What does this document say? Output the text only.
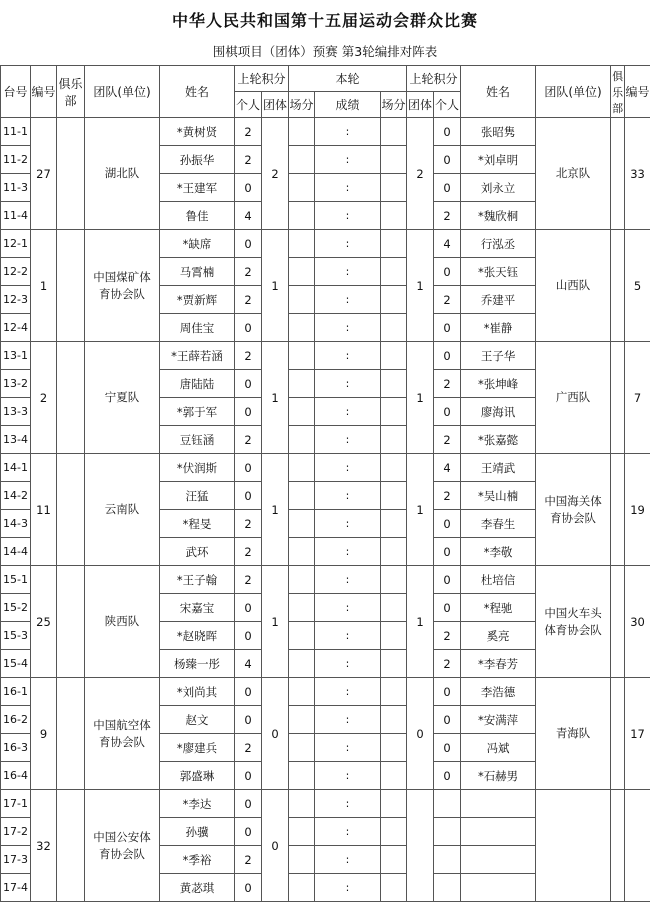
中华人民共和国第十五届运动会群众比赛
围棋项目（团体）预赛 第3轮编排对阵表
台号	编号	俱乐部	团队(单位)	姓名	上轮积分		本轮			上轮积分		姓名	团队(单位)	俱乐部	编号
					个人	团体	场分	成绩	场分	团体	个人				
11-1	27		湖北队	*黄树贤	2	2		:		2	0	张昭隽	北京队		33
11-2				孙振华	2			:			0	*刘卓明			
11-3				*王建军	0			:			0	刘永立			
11-4				鲁佳	4			:			2	*魏欣桐			
12-1	1		中国煤矿体育协会队	*缺席	0	1		:		1	4	行泓丞	山西队		5
12-2				马霄楠	2			:			0	*张天钰			
12-3				*贾新辉	2			:			2	乔建平			
12-4				周佳宝	0			:			0	*崔静			
13-1	2		宁夏队	*王薛若涵	2	1		:		1	0	王子华	广西队		7
13-2				唐陆陆	0			:			2	*张坤峰			
13-3				*郭于军	0			:			0	廖海讯			
13-4				豆钰涵	2			:			2	*张嘉懿			
14-1	11		云南队	*伏润斯	0	1		:		1	4	王靖武	中国海关体育协会队		19
14-2				汪猛	0			:			2	*吴山楠			
14-3				*程旻	2			:			0	李春生			
14-4				武环	2			:			0	*李敬			
15-1	25		陕西队	*王子翰	2	1		:		1	0	杜培信	中国火车头体育协会队		30
15-2				宋嘉宝	0			:			0	*程驰			
15-3				*赵晓晖	0			:			2	奚亮			
15-4				杨臻一彤	4			:			2	*李春芳			
16-1	9		中国航空体育协会队	*刘尚其	0	0		:		0	0	李浩德	青海队		17
16-2				赵文	0			:			0	*安满萍			
16-3				*廖建兵	2			:			0	冯斌			
16-4				郭盛琳	0			:			0	*石赫男			
17-1	32		中国公安体育协会队	*李达	0	0		:							
17-2				孙骥	0			:							
17-3				*季裕	2			:							
17-4				黄苾琪	0			:							
